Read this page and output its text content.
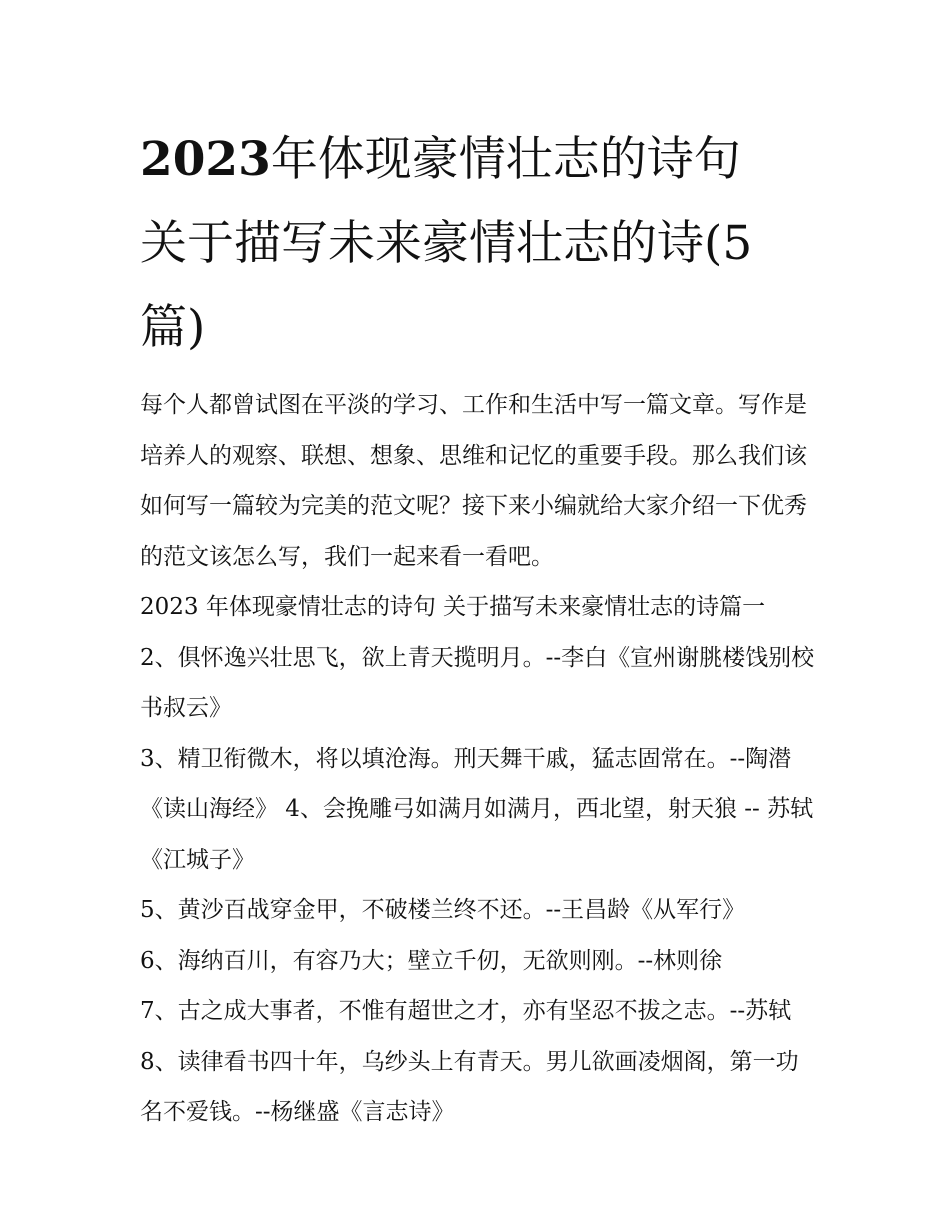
2023年体现豪情壮志的诗句
关于描写未来豪情壮志的诗(5
篇)

每个人都曾试图在平淡的学习、工作和生活中写一篇文章。写作是培养人的观察、联想、想象、思维和记忆的重要手段。那么我们该如何写一篇较为完美的范文呢？接下来小编就给大家介绍一下优秀的范文该怎么写，我们一起来看一看吧。

2023 年体现豪情壮志的诗句 关于描写未来豪情壮志的诗篇一

2、俱怀逸兴壮思飞，欲上青天揽明月。--李白《宣州谢朓楼饯别校书叔云》

3、精卫衔微木，将以填沧海。刑天舞干戚，猛志固常在。--陶潜 《读山海经》 4、会挽雕弓如满月如满月，西北望，射天狼 -- 苏轼《江城子》

5、黄沙百战穿金甲，不破楼兰终不还。--王昌龄《从军行》

6、海纳百川，有容乃大；壁立千仞，无欲则刚。--林则徐

7、古之成大事者，不惟有超世之才，亦有坚忍不拔之志。--苏轼 8、读律看书四十年，乌纱头上有青天。男儿欲画凌烟阁，第一功名不爱钱。--杨继盛《言志诗》
